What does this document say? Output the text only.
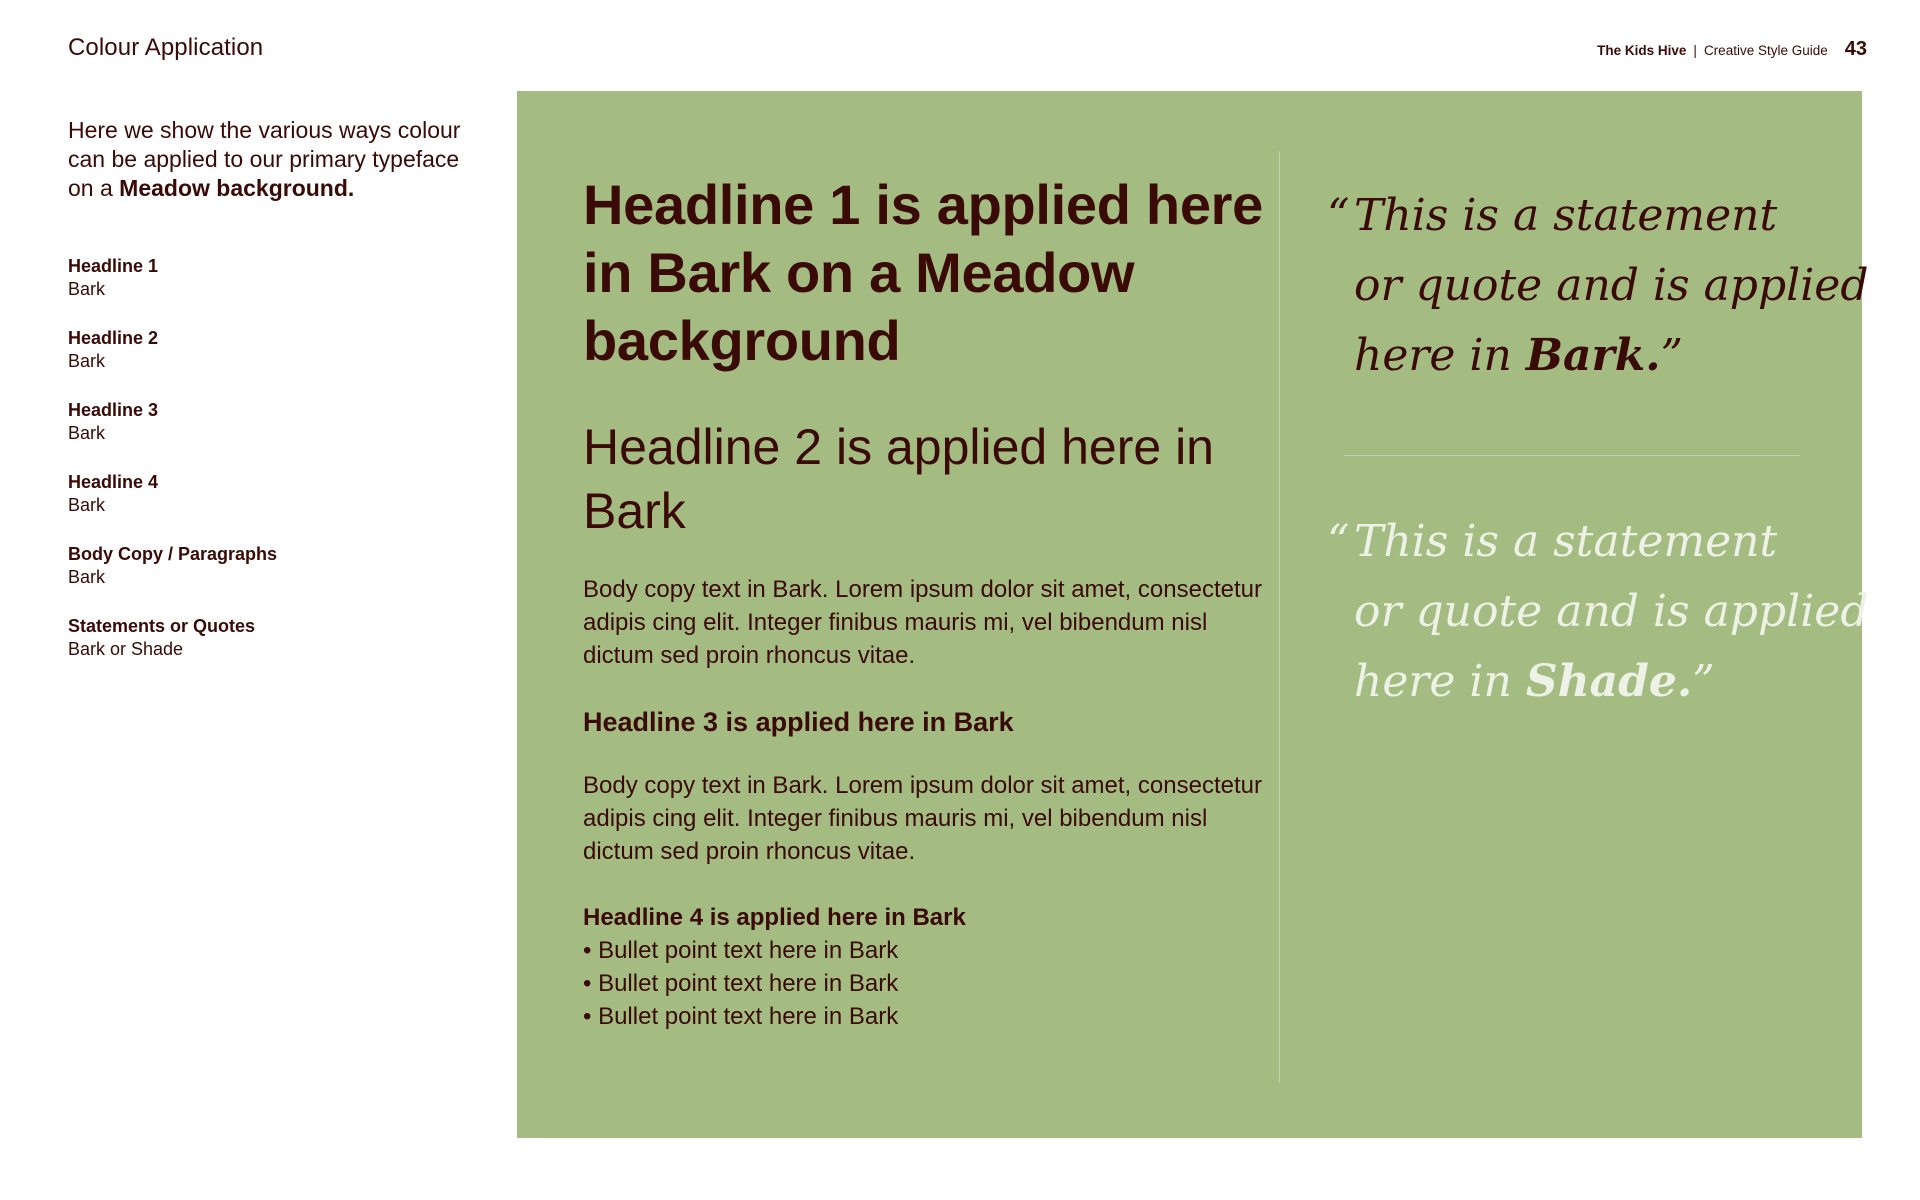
Colour Application	The Kids Hive | Creative Style Guide 43
Here we show the various ways colour can be applied to our primary typeface on a Meadow background.
Headline 1
Bark
Headline 2
Bark
Headline 3
Bark
Headline 4
Bark
Body Copy / Paragraphs
Bark
Statements or Quotes
Bark or Shade
Headline 1 is applied here in Bark on a Meadow background
Headline 2 is applied here in Bark

Body copy text in Bark. Lorem ipsum dolor sit amet, consectetur adipis cing elit. Integer finibus mauris mi, vel bibendum nisl dictum sed proin rhoncus vitae.

Headline 3 is applied here in Bark

Body copy text in Bark. Lorem ipsum dolor sit amet, consectetur adipis cing elit. Integer finibus mauris mi, vel bibendum nisl dictum sed proin rhoncus vitae.

Headline 4 is applied here in Bark
• Bullet point text here in Bark
• Bullet point text here in Bark
• Bullet point text here in Bark
“ This is a statement
or quote and is applied
here in Bark.”
“ This is a statement
or quote and is applied
here in Shade.”
